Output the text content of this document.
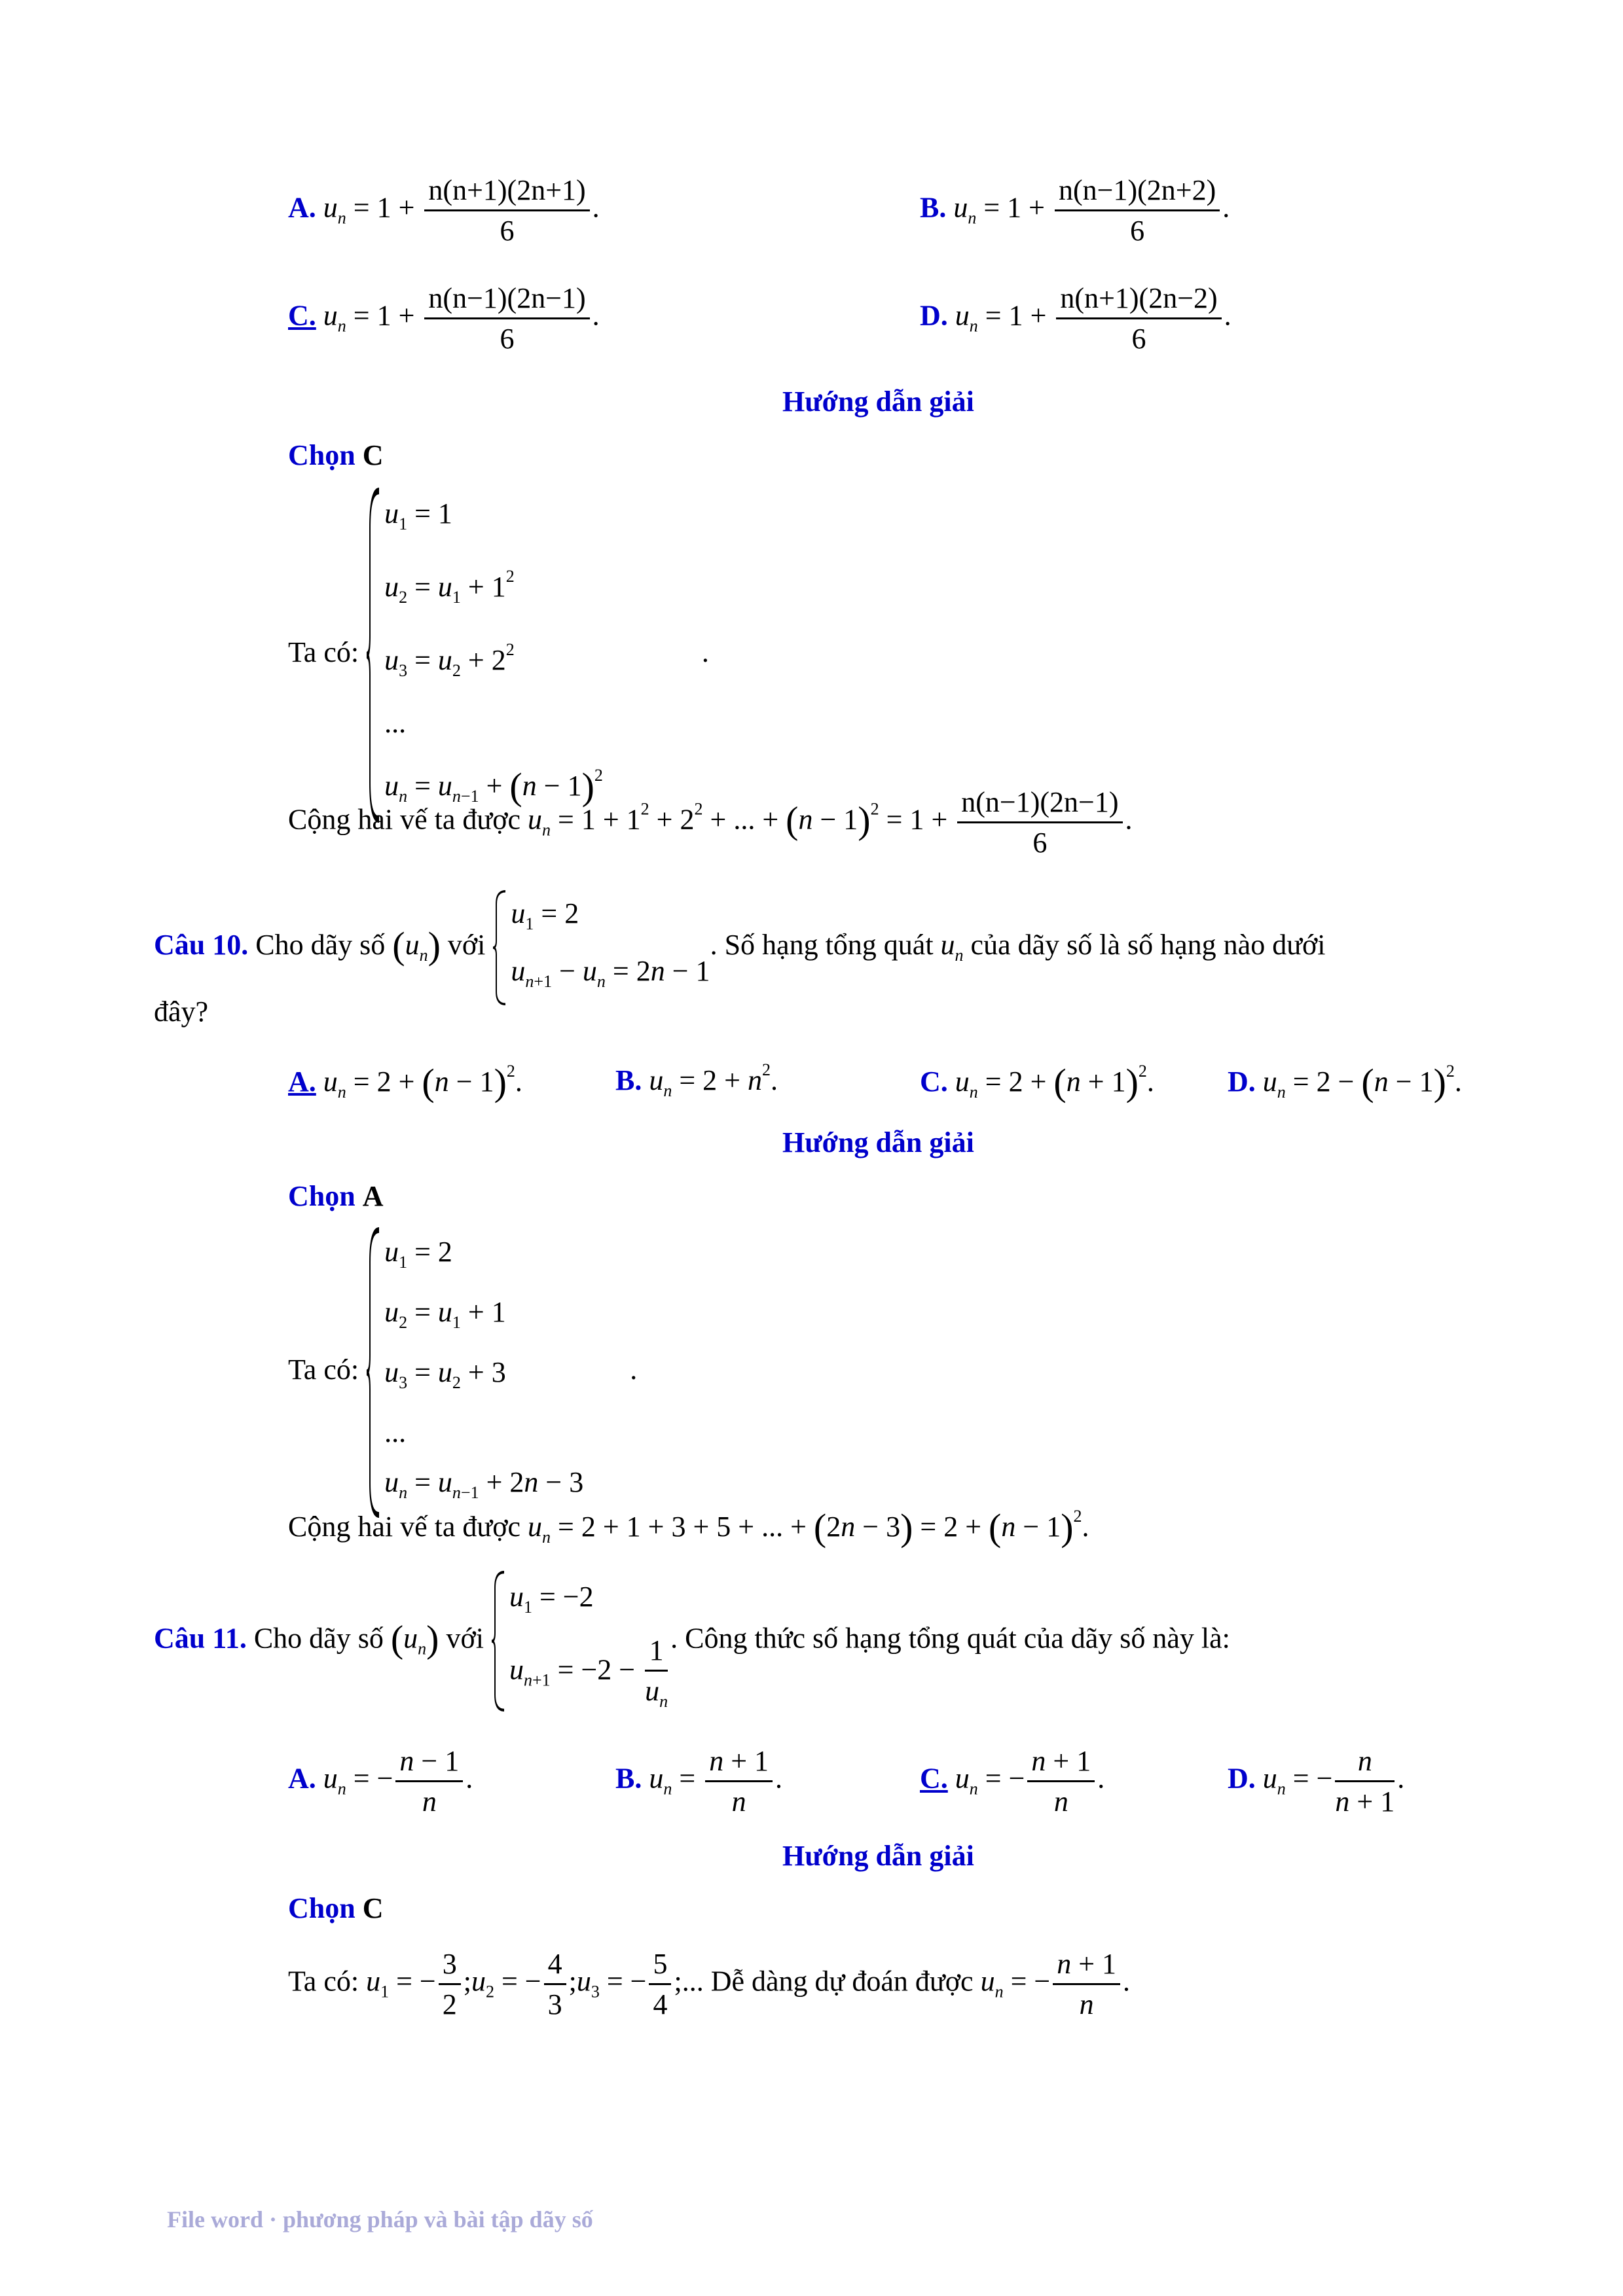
A. $u_n = 1 + \frac{n(n+1)(2n+1)}{6}$ .	B. $u_n = 1 + \frac{n(n-1)(2n+2)}{6}$ .
C. $u_n = 1 + \frac{n(n-1)(2n-1)}{6}$ .	D. $u_n = 1 + \frac{n(n+1)(2n-2)}{6}$ .
Hướng dẫn giải
Chọn C
Ta có:
$u_1 = 1$
$u_2 = u_1 + 1^2$
$u_3 = u_2 + 2^2$
...
$u_n = u_{n-1} + (n - 1)^2$
.
Cộng hai vế ta được $u_n = 1 + 1^2 + 2^2$ + ... + $(n - 1)^2 = 1 + \frac{n(n-1)(2n-1)}{6}$ .
Câu 10. Cho dãy số $(u_n)$ với
$u_1 = 2$
$u_{n+1} - u_n = 2n - 1$
. Số hạng tổng quát $u_n$ của dãy số là số hạng nào dưới
đây?
A. $u_n = 2 + (n - 1)^2$.	B. $u_n = 2 + n^2$.	C. $u_n = 2 + (n + 1)^2$.	D. $u_n = 2 - (n - 1)^2$.
Hướng dẫn giải
Chọn A
Ta có:
$u_1 = 2$
$u_2 = u_1 + 1$
$u_3 = u_2 + 3$
...
$u_n = u_{n-1} + 2n - 3$
.
Cộng hai vế ta được $u_n = 2 + 1 + 3 + 5$ + ... + $(2n - 3) = 2 + (n - 1)^2$.
Câu 11. Cho dãy số $(u_n)$ với
$u_1 = -2$
$u_{n+1} = -2 - \frac{1}{u_n}$ . Công thức số hạng tổng quát của dãy số này là:
A. $u_n$ = − $\frac{n - 1}{n}$ .	B. $u_n = \frac{n + 1}{n}$ .	C. $u_n$ = − $\frac{n + 1}{n}$ .	D. $u_n$ = − $\frac{n}{n + 1}$ .
Hướng dẫn giải
Chọn C
Ta có: $u_1$ = − $\frac{3}{2}$ $;u_2$ = − $\frac{4}{3}$ $;u_3$ = − $\frac{5}{4}$ ;... Dễ dàng dự đoán được $u_n$ = − $\frac{n + 1}{n}$ .
File word · phương pháp và bài tập dãy số
